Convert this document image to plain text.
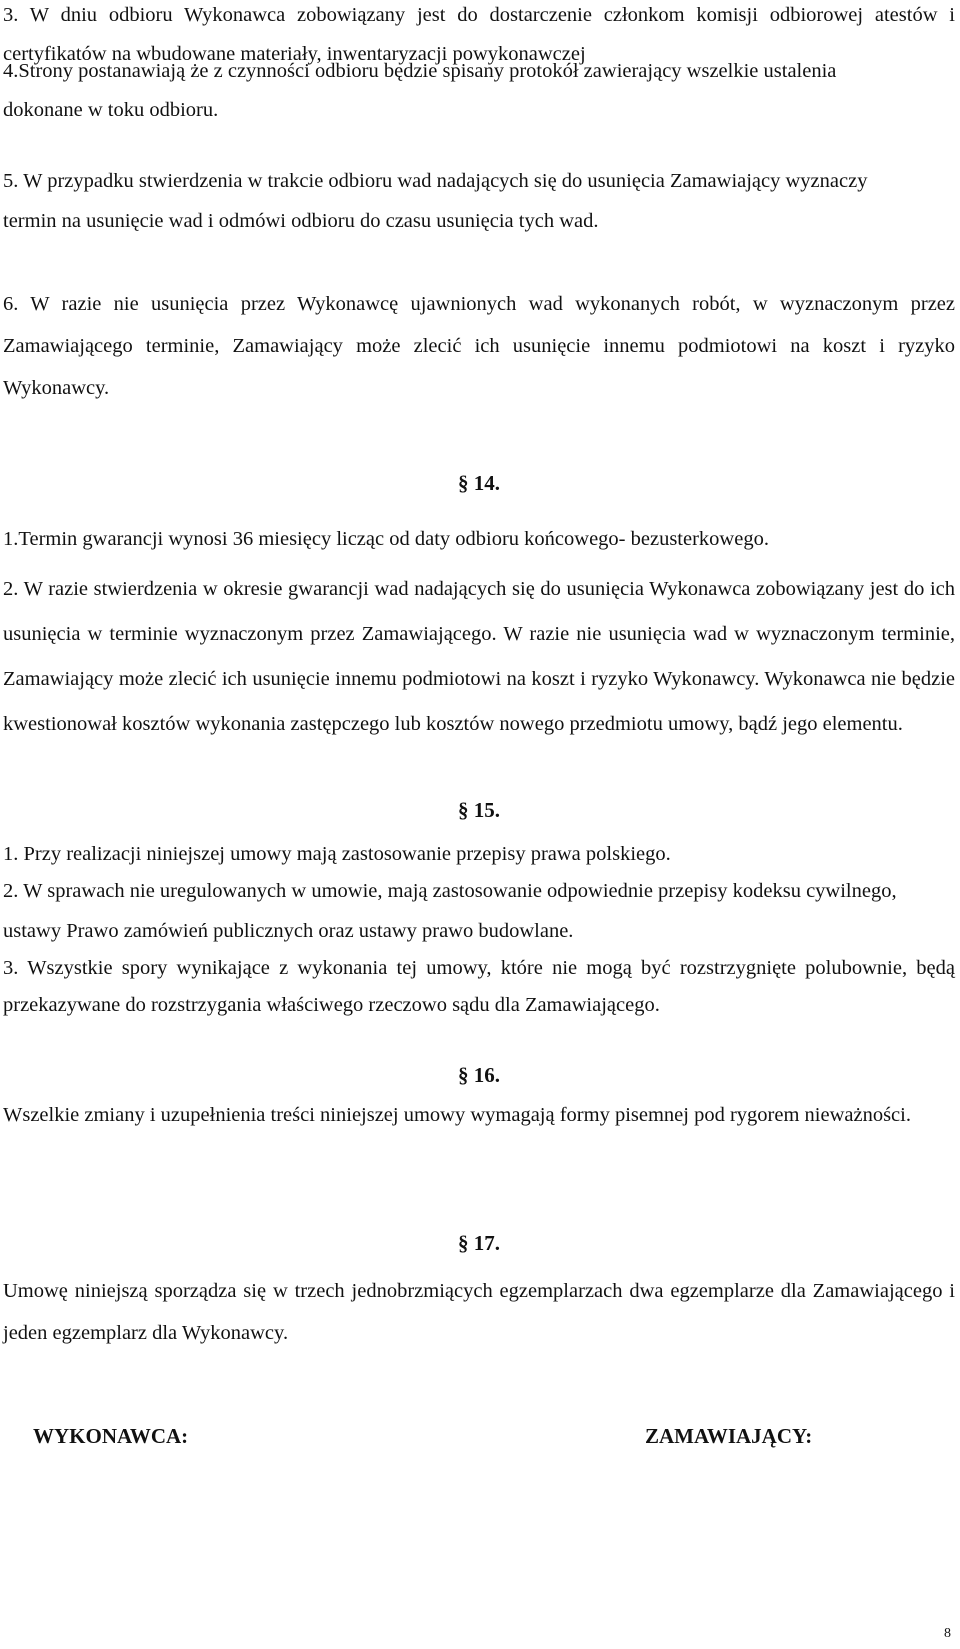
3. W dniu odbioru Wykonawca zobowiązany jest do dostarczenie członkom komisji odbiorowej atestów i certyfikatów na wbudowane materiały, inwentaryzacji powykonawczej

4.Strony postanawiają że z czynności odbioru będzie spisany protokół zawierający wszelkie ustalenia dokonane w toku odbioru.

5. W przypadku stwierdzenia w trakcie odbioru wad nadających się do usunięcia Zamawiający wyznaczy termin na usunięcie wad i odmówi odbioru do czasu usunięcia tych wad.

6. W razie nie usunięcia przez Wykonawcę ujawnionych wad wykonanych robót, w wyznaczonym przez Zamawiającego terminie, Zamawiający może zlecić ich usunięcie innemu podmiotowi na koszt i ryzyko Wykonawcy.

§ 14.

1.Termin gwarancji wynosi 36 miesięcy licząc od daty odbioru końcowego- bezusterkowego.

2. W razie stwierdzenia w okresie gwarancji wad nadających się do usunięcia Wykonawca zobowiązany jest do ich usunięcia w terminie wyznaczonym przez Zamawiającego. W razie nie usunięcia wad w wyznaczonym terminie, Zamawiający może zlecić ich usunięcie innemu podmiotowi na koszt i ryzyko Wykonawcy. Wykonawca nie będzie kwestionował kosztów wykonania zastępczego lub kosztów nowego przedmiotu umowy, bądź jego elementu.

§ 15.

1. Przy realizacji niniejszej umowy mają zastosowanie przepisy prawa polskiego.

2. W sprawach nie uregulowanych w umowie, mają zastosowanie odpowiednie przepisy kodeksu cywilnego, ustawy Prawo zamówień publicznych oraz ustawy prawo budowlane.

3. Wszystkie spory wynikające z wykonania tej umowy, które nie mogą być rozstrzygnięte polubownie, będą przekazywane do rozstrzygania właściwego rzeczowo sądu dla Zamawiającego.

§ 16.

Wszelkie zmiany i uzupełnienia treści niniejszej umowy wymagają formy pisemnej pod rygorem nieważności.

§ 17.

Umowę niniejszą sporządza się w trzech jednobrzmiących egzemplarzach dwa egzemplarze dla Zamawiającego i jeden egzemplarz dla Wykonawcy.

WYKONAWCA:	ZAMAWIAJĄCY:

8
